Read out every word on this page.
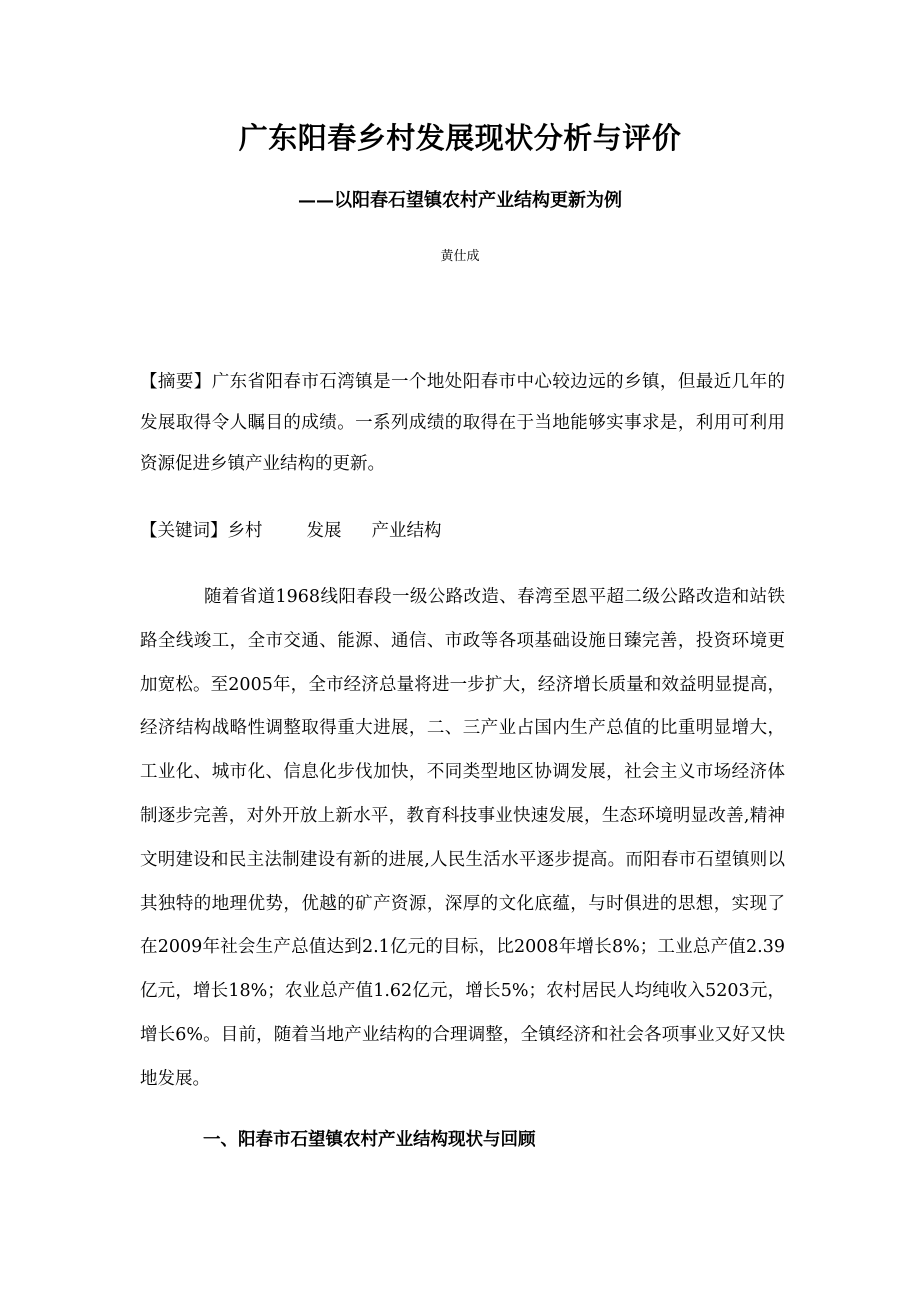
广东阳春乡村发展现状分析与评价
——以阳春石望镇农村产业结构更新为例
黄仕成
【摘要】广东省阳春市石湾镇是一个地处阳春市中心较边远的乡镇，但最近几年的发展取得令人瞩目的成绩。一系列成绩的取得在于当地能够实事求是，利用可利用资源促进乡镇产业结构的更新。
【关键词】乡村	发展 产业结构
随着省道1968线阳春段一级公路改造、春湾至恩平超二级公路改造和站铁路全线竣工，全市交通、能源、通信、市政等各项基础设施日臻完善，投资环境更加宽松。至2005年，全市经济总量将进一步扩大，经济增长质量和效益明显提高，经济结构战略性调整取得重大进展，二、三产业占国内生产总值的比重明显增大，工业化、城市化、信息化步伐加快，不同类型地区协调发展，社会主义市场经济体制逐步完善，对外开放上新水平，教育科技事业快速发展，生态环境明显改善,精神文明建设和民主法制建设有新的进展,人民生活水平逐步提高。而阳春市石望镇则以其独特的地理优势，优越的矿产资源，深厚的文化底蕴，与时俱进的思想，实现了在2009年社会生产总值达到2.1亿元的目标，比2008年增长8%；工业总产值2.39亿元，增长18%；农业总产值1.62亿元，增长5%；农村居民人均纯收入5203元，增长6%。目前，随着当地产业结构的合理调整，全镇经济和社会各项事业又好又快地发展。
一、阳春市石望镇农村产业结构现状与回顾
